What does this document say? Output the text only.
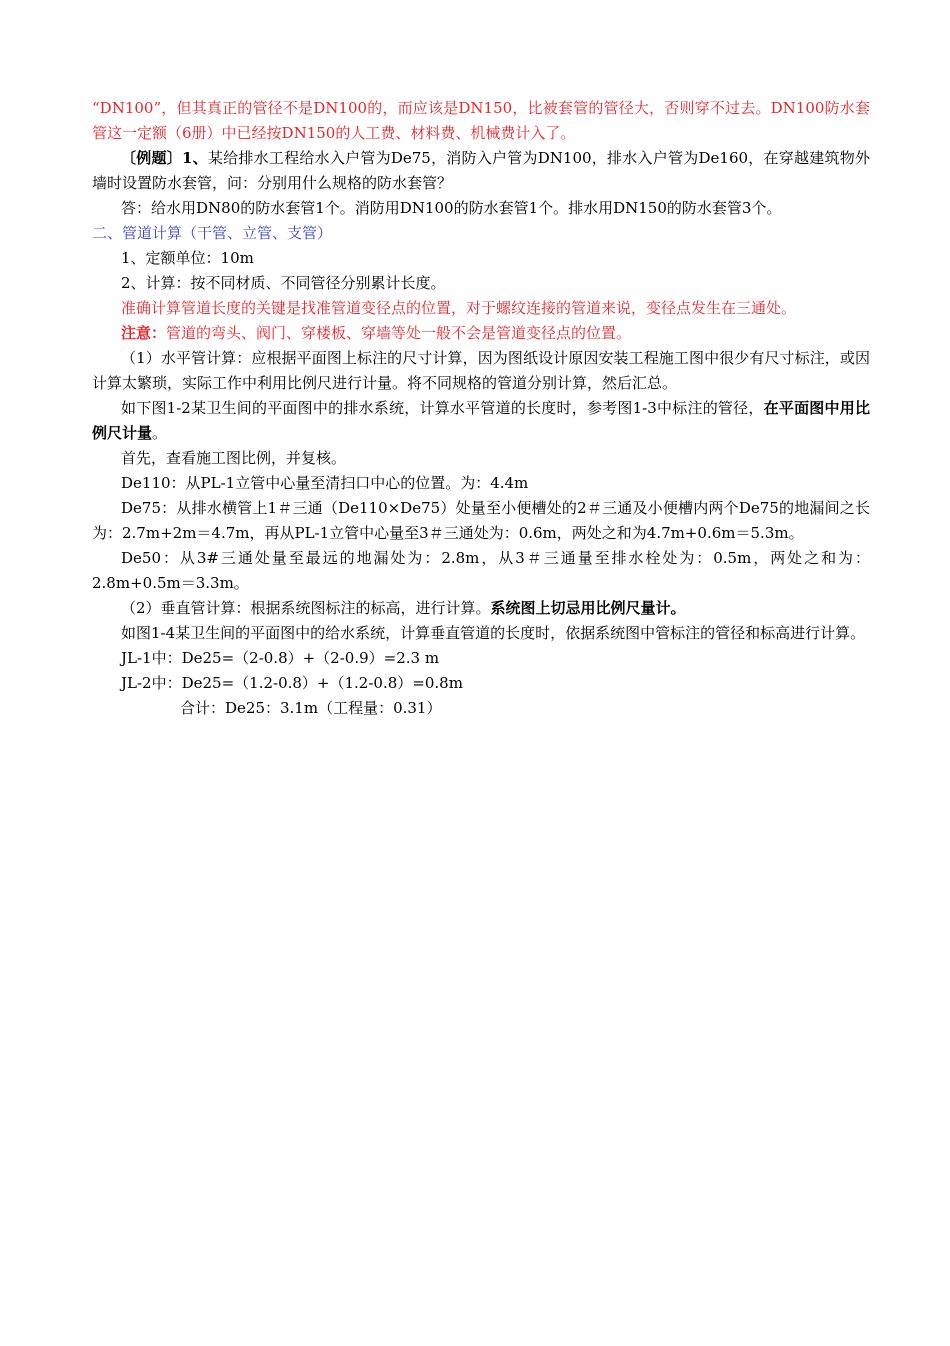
“DN100”，但其真正的管径不是DN100的，而应该是DN150，比被套管的管径大，否则穿不过去。DN100防水套管这一定额（6册）中已经按DN150的人工费、材料费、机械费计入了。

〔例题〕1、某给排水工程给水入户管为De75，消防入户管为DN100，排水入户管为De160，在穿越建筑物外墙时设置防水套管，问：分别用什么规格的防水套管？

答：给水用DN80的防水套管1个。消防用DN100的防水套管1个。排水用DN150的防水套管3个。

二、管道计算（干管、立管、支管）

1、定额单位：10m

2、计算：按不同材质、不同管径分别累计长度。

准确计算管道长度的关键是找准管道变径点的位置，对于螺纹连接的管道来说，变径点发生在三通处。

注意：管道的弯头、阀门、穿楼板、穿墙等处一般不会是管道变径点的位置。

（1）水平管计算：应根据平面图上标注的尺寸计算，因为图纸设计原因安装工程施工图中很少有尺寸标注，或因计算太繁琐，实际工作中利用比例尺进行计量。将不同规格的管道分别计算，然后汇总。

如下图1-2某卫生间的平面图中的排水系统，计算水平管道的长度时，参考图1-3中标注的管径，在平面图中用比例尺计量。

首先，查看施工图比例，并复核。

De110：从PL-1立管中心量至清扫口中心的位置。为：4.4m

De75：从排水横管上1＃三通（De110×De75）处量至小便槽处的2＃三通及小便槽内两个De75的地漏间之长为：2.7m+2m＝4.7m，再从PL-1立管中心量至3＃三通处为：0.6m，两处之和为4.7m+0.6m＝5.3m。

De50：从3#三通处量至最远的地漏处为：2.8m，从3＃三通量至排水栓处为：0.5m，两处之和为：2.8m+0.5m＝3.3m。

（2）垂直管计算：根据系统图标注的标高，进行计算。系统图上切忌用比例尺量计。

如图1-4某卫生间的平面图中的给水系统，计算垂直管道的长度时，依据系统图中管标注的管径和标高进行计算。

JL-1中：De25=（2-0.8）+（2-0.9）=2.3 m

JL-2中：De25=（1.2-0.8）+（1.2-0.8）=0.8m

合计：De25：3.1m（工程量：0.31）
